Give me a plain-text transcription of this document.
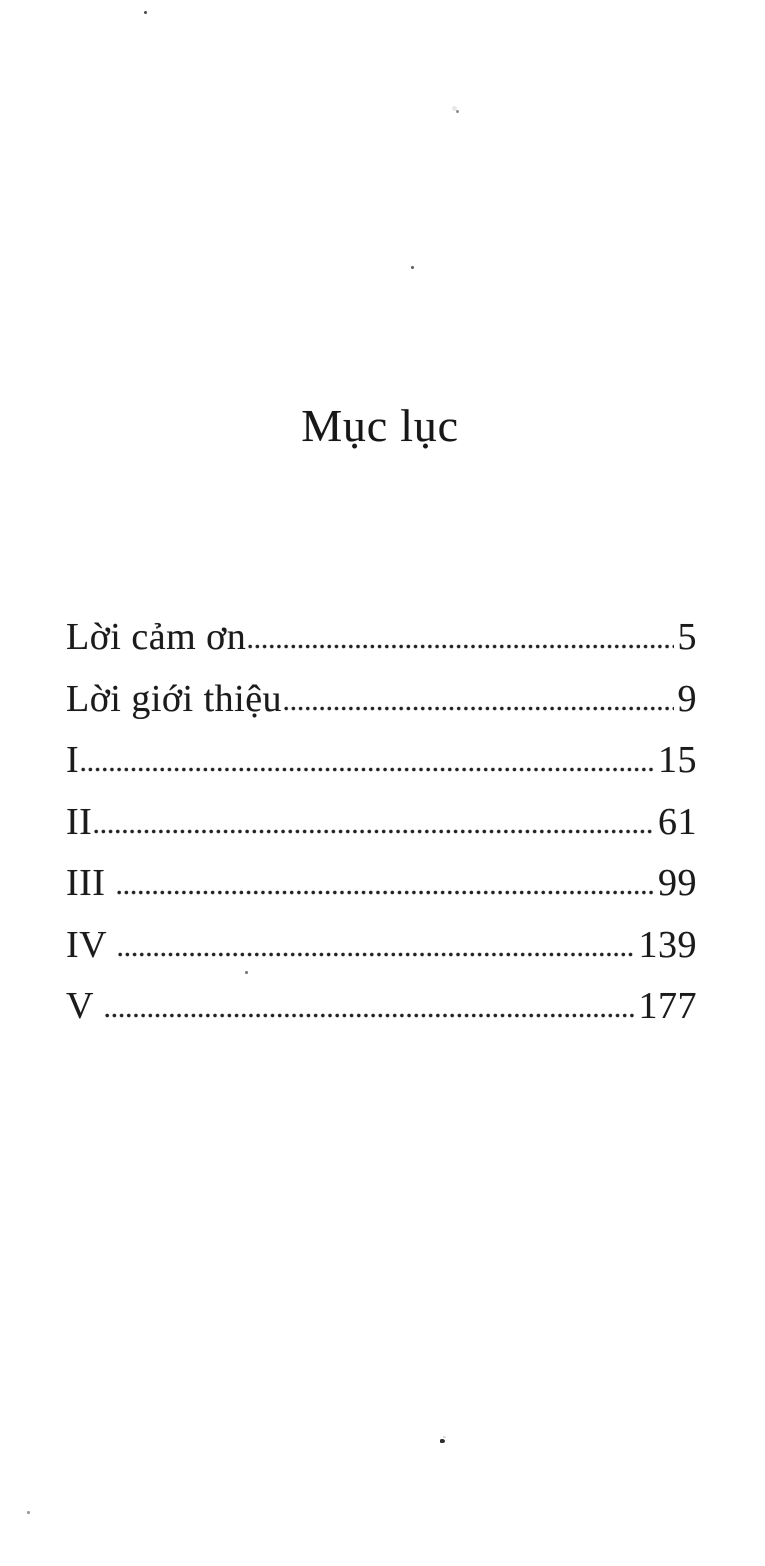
Mục lục
Lời cảm ơn	5
Lời giới thiệu	9
I	15
II	61
III	99
IV	139
V	177
